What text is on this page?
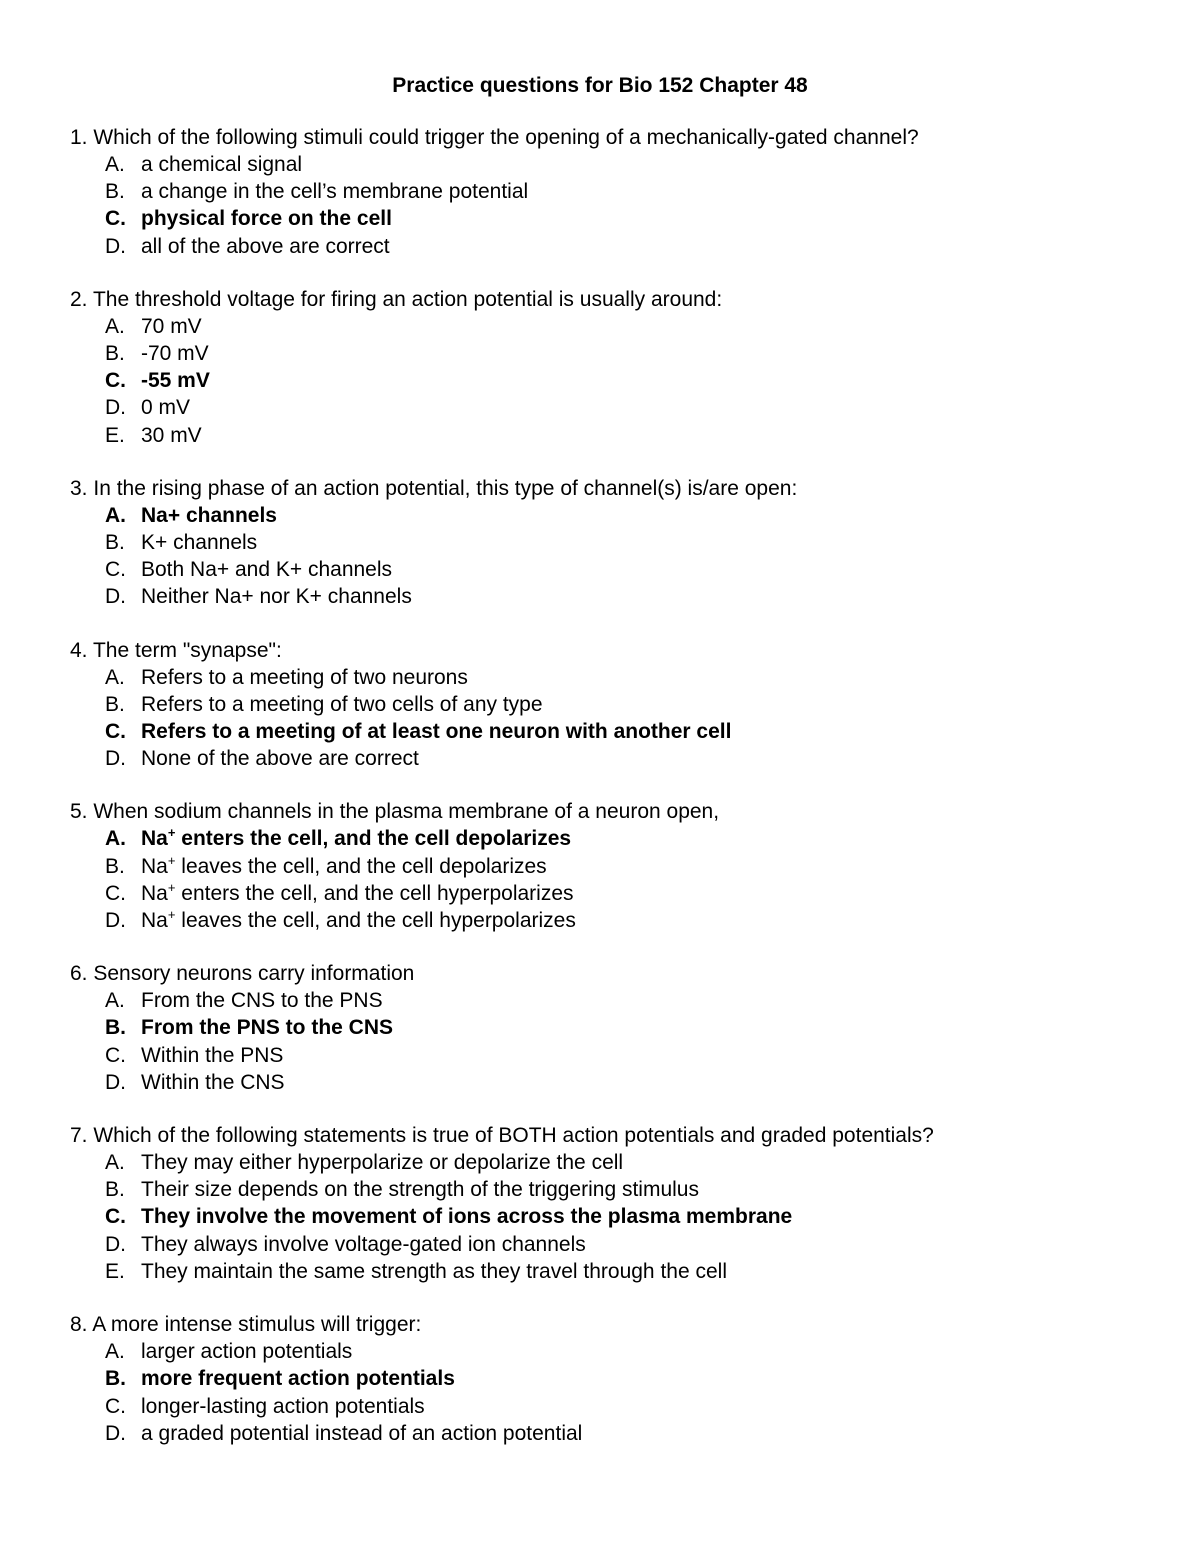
Practice questions for Bio 152 Chapter 48
1. Which of the following stimuli could trigger the opening of a mechanically-gated channel?
A. a chemical signal
B. a change in the cell’s membrane potential
C. physical force on the cell
D. all of the above are correct
2. The threshold voltage for firing an action potential is usually around:
A. 70 mV
B. -70 mV
C. -55 mV
D. 0 mV
E. 30 mV
3. In the rising phase of an action potential, this type of channel(s) is/are open:
A. Na+ channels
B. K+ channels
C. Both Na+ and K+ channels
D. Neither Na+ nor K+ channels
4. The term "synapse":
A. Refers to a meeting of two neurons
B. Refers to a meeting of two cells of any type
C. Refers to a meeting of at least one neuron with another cell
D. None of the above are correct
5. When sodium channels in the plasma membrane of a neuron open,
A. Na+ enters the cell, and the cell depolarizes
B. Na+ leaves the cell, and the cell depolarizes
C. Na+ enters the cell, and the cell hyperpolarizes
D. Na+ leaves the cell, and the cell hyperpolarizes
6. Sensory neurons carry information
A. From the CNS to the PNS
B. From the PNS to the CNS
C. Within the PNS
D. Within the CNS
7. Which of the following statements is true of BOTH action potentials and graded potentials?
A. They may either hyperpolarize or depolarize the cell
B. Their size depends on the strength of the triggering stimulus
C. They involve the movement of ions across the plasma membrane
D. They always involve voltage-gated ion channels
E. They maintain the same strength as they travel through the cell
8. A more intense stimulus will trigger:
A. larger action potentials
B. more frequent action potentials
C. longer-lasting action potentials
D. a graded potential instead of an action potential
